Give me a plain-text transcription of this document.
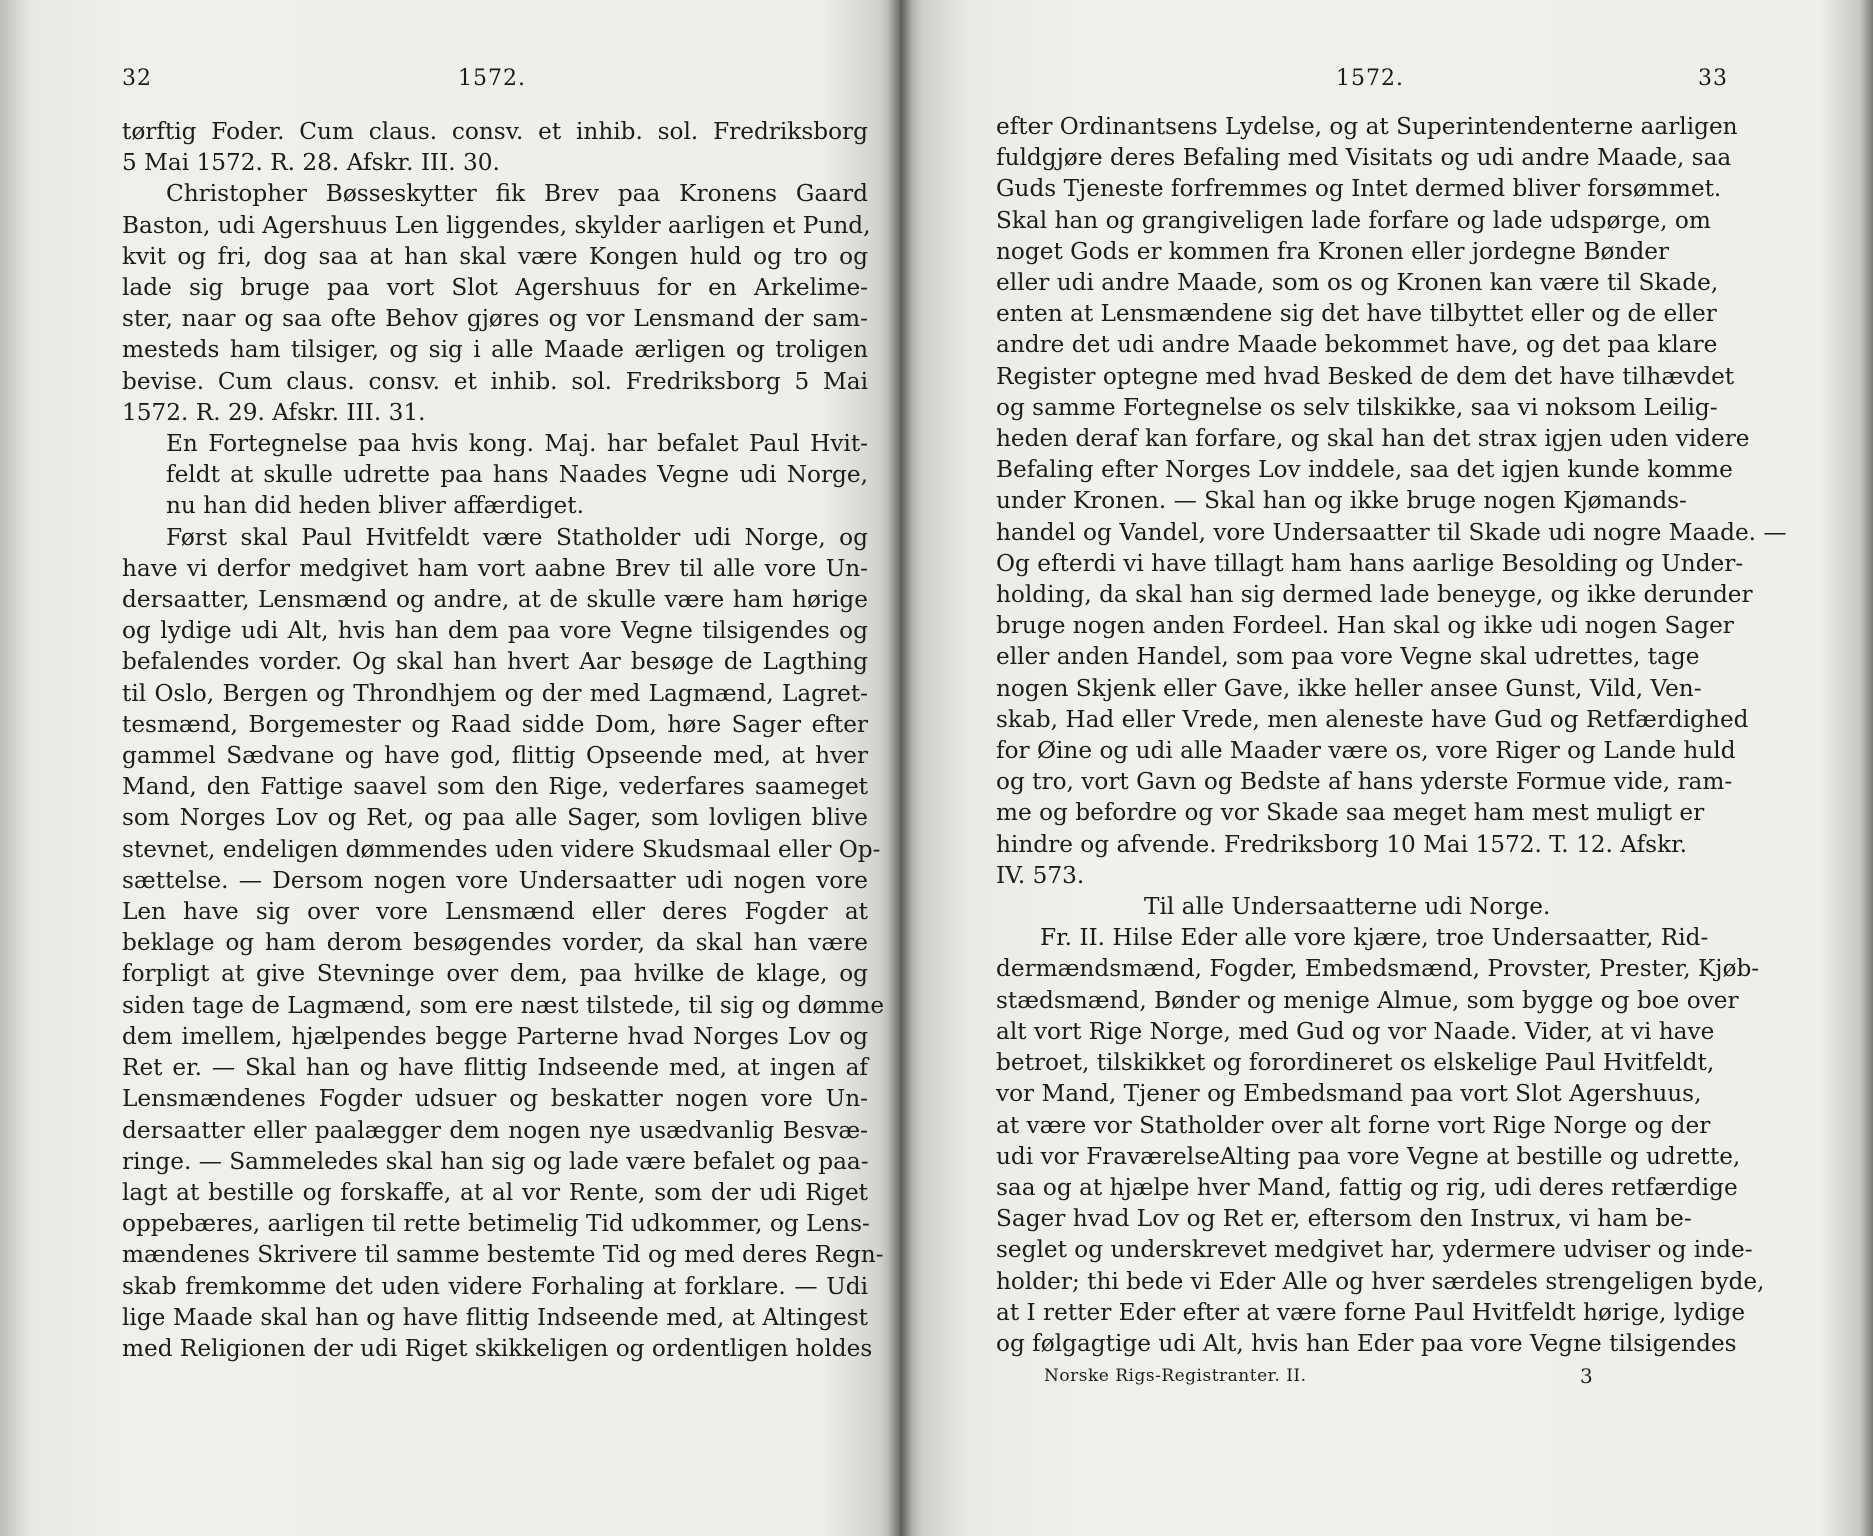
32	1572.
tørftig Foder. Cum claus. consv. et inhib. sol. Fredriksborg
5 Mai 1572. R. 28. Afskr. III. 30.
Christopher Bøsseskytter fik Brev paa Kronens Gaard
Baston, udi Agershuus Len liggendes, skylder aarligen et Pund,
kvit og fri, dog saa at han skal være Kongen huld og tro og
lade sig bruge paa vort Slot Agershuus for en Arkelime-
ster, naar og saa ofte Behov gjøres og vor Lensmand der sam-
mesteds ham tilsiger, og sig i alle Maade ærligen og troligen
bevise. Cum claus. consv. et inhib. sol. Fredriksborg 5 Mai
1572. R. 29. Afskr. III. 31.
En Fortegnelse paa hvis kong. Maj. har befalet Paul Hvit-
feldt at skulle udrette paa hans Naades Vegne udi Norge,
nu han did heden bliver affærdiget.
Først skal Paul Hvitfeldt være Statholder udi Norge, og
have vi derfor medgivet ham vort aabne Brev til alle vore Un-
dersaatter, Lensmænd og andre, at de skulle være ham hørige
og lydige udi Alt, hvis han dem paa vore Vegne tilsigendes og
befalendes vorder. Og skal han hvert Aar besøge de Lagthing
til Oslo, Bergen og Throndhjem og der med Lagmænd, Lagret-
tesmænd, Borgemester og Raad sidde Dom, høre Sager efter
gammel Sædvane og have god, flittig Opseende med, at hver
Mand, den Fattige saavel som den Rige, vederfares saameget
som Norges Lov og Ret, og paa alle Sager, som lovligen blive
stevnet, endeligen dømmendes uden videre Skudsmaal eller Op-
sættelse. — Dersom nogen vore Undersaatter udi nogen vore
Len have sig over vore Lensmænd eller deres Fogder at
beklage og ham derom besøgendes vorder, da skal han være
forpligt at give Stevninge over dem, paa hvilke de klage, og
siden tage de Lagmænd, som ere næst tilstede, til sig og dømme
dem imellem, hjælpendes begge Parterne hvad Norges Lov og
Ret er. — Skal han og have flittig Indseende med, at ingen af
Lensmændenes Fogder udsuer og beskatter nogen vore Un-
dersaatter eller paalægger dem nogen nye usædvanlig Besvæ-
ringe. — Sammeledes skal han sig og lade være befalet og paa-
lagt at bestille og forskaffe, at al vor Rente, som der udi Riget
oppebæres, aarligen til rette betimelig Tid udkommer, og Lens-
mændenes Skrivere til samme bestemte Tid og med deres Regn-
skab fremkomme det uden videre Forhaling at forklare. — Udi
lige Maade skal han og have flittig Indseende med, at Altingest
med Religionen der udi Riget skikkeligen og ordentligen holdes
1572.	33
efter Ordinantsens Lydelse, og at Superintendenterne aarligen
fuldgjøre deres Befaling med Visitats og udi andre Maade, saa
Guds Tjeneste forfremmes og Intet dermed bliver forsømmet.
Skal han og grangiveligen lade forfare og lade udspørge, om
noget Gods er kommen fra Kronen eller jordegne Bønder
eller udi andre Maade, som os og Kronen kan være til Skade,
enten at Lensmændene sig det have tilbyttet eller og de eller
andre det udi andre Maade bekommet have, og det paa klare
Register optegne med hvad Besked de dem det have tilhævdet
og samme Fortegnelse os selv tilskikke, saa vi noksom Leilig-
heden deraf kan forfare, og skal han det strax igjen uden videre
Befaling efter Norges Lov inddele, saa det igjen kunde komme
under Kronen. — Skal han og ikke bruge nogen Kjømands-
handel og Vandel, vore Undersaatter til Skade udi nogre Maade. —
Og efterdi vi have tillagt ham hans aarlige Besolding og Under-
holding, da skal han sig dermed lade beneyge, og ikke derunder
bruge nogen anden Fordeel. Han skal og ikke udi nogen Sager
eller anden Handel, som paa vore Vegne skal udrettes, tage
nogen Skjenk eller Gave, ikke heller ansee Gunst, Vild, Ven-
skab, Had eller Vrede, men aleneste have Gud og Retfærdighed
for Øine og udi alle Maader være os, vore Riger og Lande huld
og tro, vort Gavn og Bedste af hans yderste Formue vide, ram-
me og befordre og vor Skade saa meget ham mest muligt er
hindre og afvende. Fredriksborg 10 Mai 1572. T. 12. Afskr.
IV. 573.
Til alle Undersaatterne udi Norge.
Fr. II. Hilse Eder alle vore kjære, troe Undersaatter, Rid-
dermændsmænd, Fogder, Embedsmænd, Provster, Prester, Kjøb-
stædsmænd, Bønder og menige Almue, som bygge og boe over
alt vort Rige Norge, med Gud og vor Naade. Vider, at vi have
betroet, tilskikket og forordineret os elskelige Paul Hvitfeldt,
vor Mand, Tjener og Embedsmand paa vort Slot Agershuus,
at være vor Statholder over alt forne vort Rige Norge og der
udi vor FraværelseAlting paa vore Vegne at bestille og udrette,
saa og at hjælpe hver Mand, fattig og rig, udi deres retfærdige
Sager hvad Lov og Ret er, eftersom den Instrux, vi ham be-
seglet og underskrevet medgivet har, ydermere udviser og inde-
holder; thi bede vi Eder Alle og hver særdeles strengeligen byde,
at I retter Eder efter at være forne Paul Hvitfeldt hørige, lydige
og følgagtige udi Alt, hvis han Eder paa vore Vegne tilsigendes
Norske Rigs-Registranter. II.	3
